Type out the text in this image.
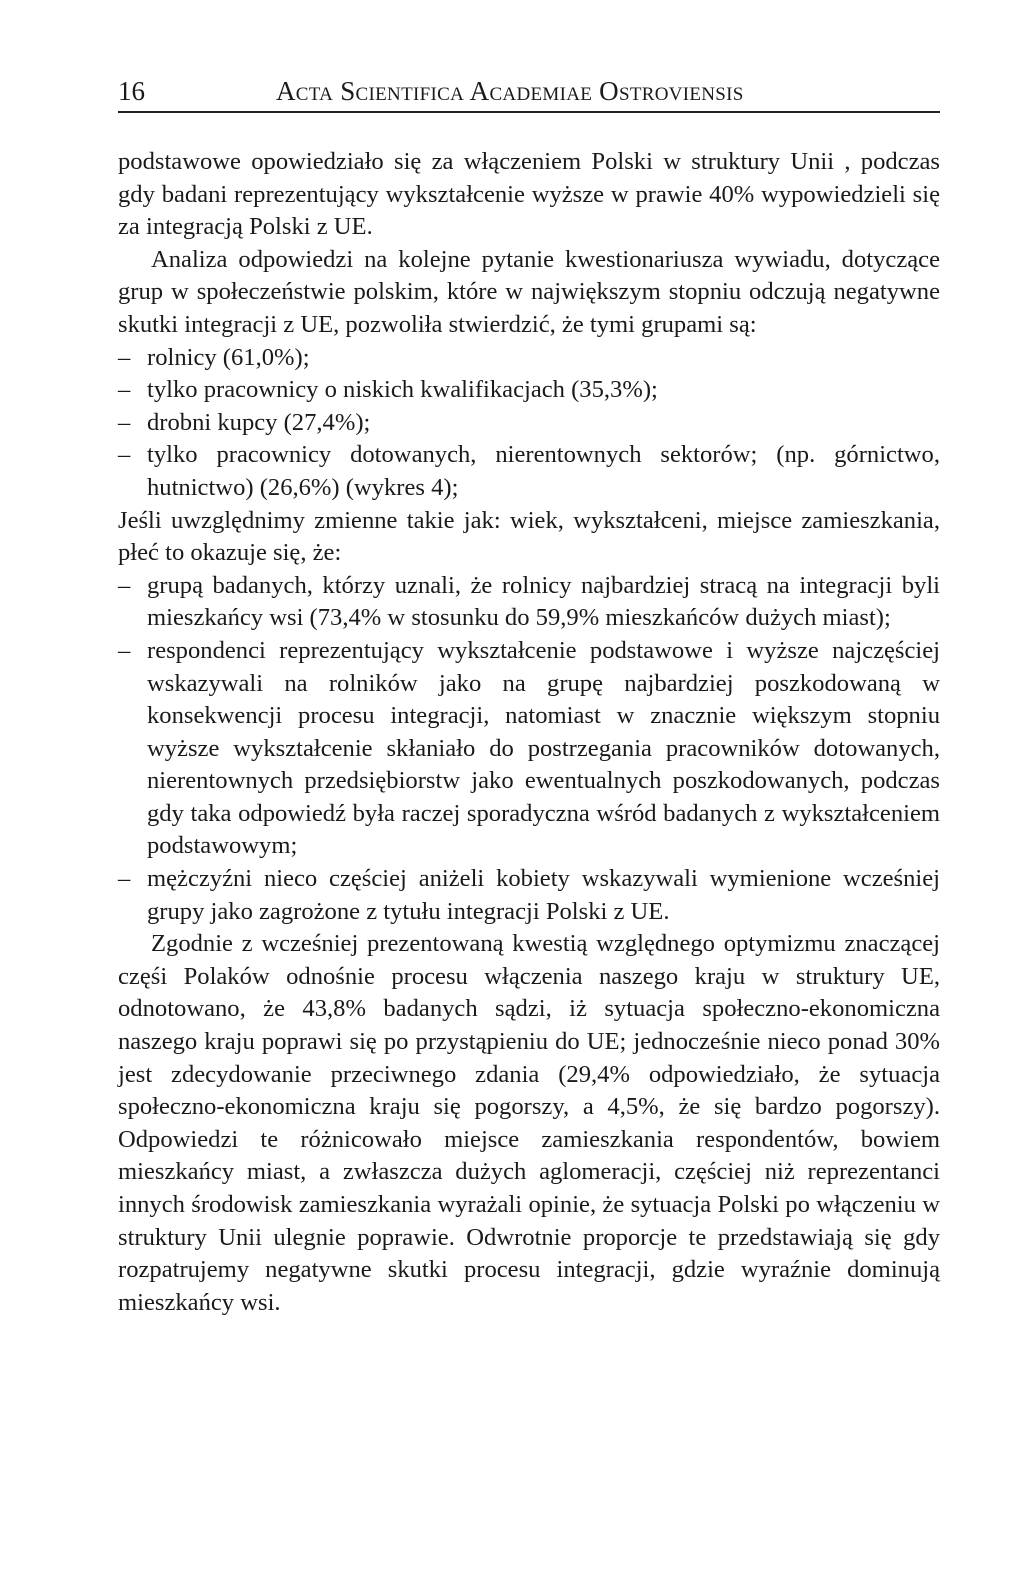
16	Acta Scientifica Academiae Ostroviensis

podstawowe opowiedziało się za włączeniem Polski w struktury Unii , podczas gdy badani reprezentujący wykształcenie wyższe w prawie 40% wypowiedzieli się za integracją Polski z UE.

Analiza odpowiedzi na kolejne pytanie kwestionariusza wywiadu, dotyczące grup w społeczeństwie polskim, które w największym stopniu odczują negatywne skutki integracji z UE, pozwoliła stwierdzić, że tymi grupami są:

– rolnicy (61,0%);
– tylko pracownicy o niskich kwalifikacjach (35,3%);
– drobni kupcy (27,4%);
– tylko pracownicy dotowanych, nierentownych sektorów; (np. górnictwo, hutnictwo) (26,6%) (wykres 4);

Jeśli uwzględnimy zmienne takie jak: wiek, wykształceni, miejsce zamieszkania, płeć to okazuje się, że:

– grupą badanych, którzy uznali, że rolnicy najbardziej stracą na integracji byli mieszkańcy wsi (73,4% w stosunku do 59,9% mieszkańców dużych miast);
– respondenci reprezentujący wykształcenie podstawowe i wyższe najczęściej wskazywali na rolników jako na grupę najbardziej poszkodowaną w konsekwencji procesu integracji, natomiast w znacznie większym stopniu wyższe wykształcenie skłaniało do postrzegania pracowników dotowanych, nierentownych przedsiębiorstw jako ewentualnych poszkodowanych, podczas gdy taka odpowiedź była raczej sporadyczna wśród badanych z wykształceniem podstawowym;
– mężczyźni nieco częściej aniżeli kobiety wskazywali wymienione wcześniej grupy jako zagrożone z tytułu integracji Polski z UE.

Zgodnie z wcześniej prezentowaną kwestią względnego optymizmu znaczącej częśi Polaków odnośnie procesu włączenia naszego kraju w struktury UE, odnotowano, że 43,8% badanych sądzi, iż sytuacja społeczno-ekonomiczna naszego kraju poprawi się po przystąpieniu do UE; jednocześnie nieco ponad 30% jest zdecydowanie przeciwnego zdania (29,4% odpowiedziało, że sytuacja społeczno-ekonomiczna kraju się pogorszy, a 4,5%, że się bardzo pogorszy). Odpowiedzi te różnicowało miejsce zamieszkania respondentów, bowiem mieszkańcy miast, a zwłaszcza dużych aglomeracji, częściej niż reprezentanci innych środowisk zamieszkania wyrażali opinie, że sytuacja Polski po włączeniu w struktury Unii ulegnie poprawie. Odwrotnie proporcje te przedstawiają się gdy rozpatrujemy negatywne skutki procesu integracji, gdzie wyraźnie dominują mieszkańcy wsi.
